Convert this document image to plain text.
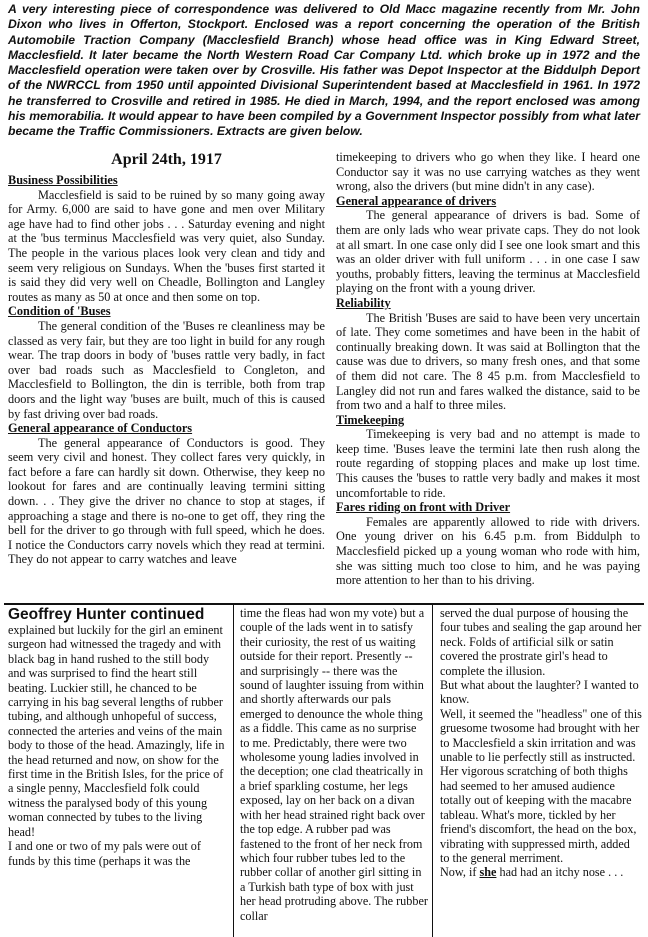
A very interesting piece of correspondence was delivered to Old Macc magazine recently from Mr. John Dixon who lives in Offerton, Stockport. Enclosed was a report concerning the operation of the British Automobile Traction Company (Macclesfield Branch) whose head office was in King Edward Street, Macclesfield. It later became the North Western Road Car Company Ltd. which broke up in 1972 and the Macclesfield operation were taken over by Crosville. His father was Depot Inspector at the Biddulph Deport of the NWRCCL from 1950 until appointed Divisional Superintendent based at Macclesfield in 1961. In 1972 he transferred to Crosville and retired in 1985. He died in March, 1994, and the report enclosed was among his memorabilia. It would appear to have been compiled by a Government Inspector possibly from what later became the Traffic Commissioners. Extracts are given below.

April 24th, 1917

Business Possibilities

Macclesfield is said to be ruined by so many going away for Army. 6,000 are said to have gone and men over Military age have had to find other jobs . . . Saturday evening and night at the 'bus terminus Macclesfield was very quiet, also Sunday. The people in the various places look very clean and tidy and seem very religious on Sundays. When the 'buses first started it is said they did very well on Cheadle, Bollington and Langley routes as many as 50 at once and then some on top.

Condition of 'Buses

The general condition of the 'Buses re cleanliness may be classed as very fair, but they are too light in build for any rough wear. The trap doors in body of 'buses rattle very badly, in fact over bad roads such as Macclesfield to Congleton, and Macclesfield to Bollington, the din is terrible, both from trap doors and the light way 'buses are built, much of this is caused by fast driving over bad roads.

General appearance of Conductors

The general appearance of Conductors is good. They seem very civil and honest. They collect fares very quickly, in fact before a fare can hardly sit down. Otherwise, they keep no lookout for fares and are continually leaving termini sitting down. . . They give the driver no chance to stop at stages, if approaching a stage and there is no-one to get off, they ring the bell for the driver to go through with full speed, which he does. I notice the Conductors carry novels which they read at termini. They do not appear to carry watches and leave

timekeeping to drivers who go when they like. I heard one Conductor say it was no use carrying watches as they went wrong, also the drivers (but mine didn't in any case).

General appearance of drivers

The general appearance of drivers is bad. Some of them are only lads who wear private caps. They do not look at all smart. In one case only did I see one look smart and this was an older driver with full uniform . . . in one case I saw youths, probably fitters, leaving the terminus at Macclesfield playing on the front with a young driver.

Reliability

The British 'Buses are said to have been very uncertain of late. They come sometimes and have been in the habit of continually breaking down. It was said at Bollington that the cause was due to drivers, so many fresh ones, and that some of them did not care. The 8 45 p.m. from Macclesfield to Langley did not run and fares walked the distance, said to be from two and a half to three miles.

Timekeeping

Timekeeping is very bad and no attempt is made to keep time. 'Buses leave the termini late then rush along the route regarding of stopping places and make up lost time. This causes the 'buses to rattle very badly and makes it most uncomfortable to ride.

Fares riding on front with Driver

Females are apparently allowed to ride with drivers. One young driver on his 6.45 p.m. from Biddulph to Macclesfield picked up a young woman who rode with him, she was sitting much too close to him, and he was paying more attention to her than to his driving.

Geoffrey Hunter continued

explained but luckily for the girl an eminent surgeon had witnessed the tragedy and with black bag in hand rushed to the still body and was surprised to find the heart still beating. Luckier still, he chanced to be carrying in his bag several lengths of rubber

tubing, and although unhopeful of success, connected the arteries and veins of the main body to those of the head. Amazingly, life in the head returned and now, on show for the first time in the British Isles, for the price of a single penny, Macclesfield folk could witness the paralysed body of this young woman connected by tubes to the living head!

I and one or two of my pals were out of funds by this time (perhaps it was the

time the fleas had won my vote) but a couple of the lads went in to satisfy their curiosity, the rest of us waiting outside for their report. Presently -- and surprisingly -- there was the sound of laughter issuing from within and shortly afterwards our pals emerged to denounce the whole thing as a fiddle. This came as no surprise to me. Predictably, there were two wholesome young ladies involved in the deception; one clad theatrically in a brief sparkling costume, her legs exposed, lay on her back on a divan with her head strained right back over the top edge. A rubber pad was fastened to the front of her neck from which four rubber tubes led to the rubber collar of another girl sitting in a Turkish bath type of box with just her head protruding above. The rubber collar

served the dual purpose of housing the four tubes and sealing the gap around her neck. Folds of artificial silk or satin covered the prostrate girl's head to complete the illusion.

But what about the laughter? I wanted to know.

Well, it seemed the "headless" one of this gruesome twosome had brought with her to Macclesfield a skin irritation and was unable to lie perfectly still as instructed. Her vigorous scratching of both thighs had seemed to her amused audience totally out of keeping with the macabre tableau. What's more, tickled by her friend's discomfort, the head on the box, vibrating with suppressed mirth, added to the general merriment.

Now, if she had had an itchy nose . . .
